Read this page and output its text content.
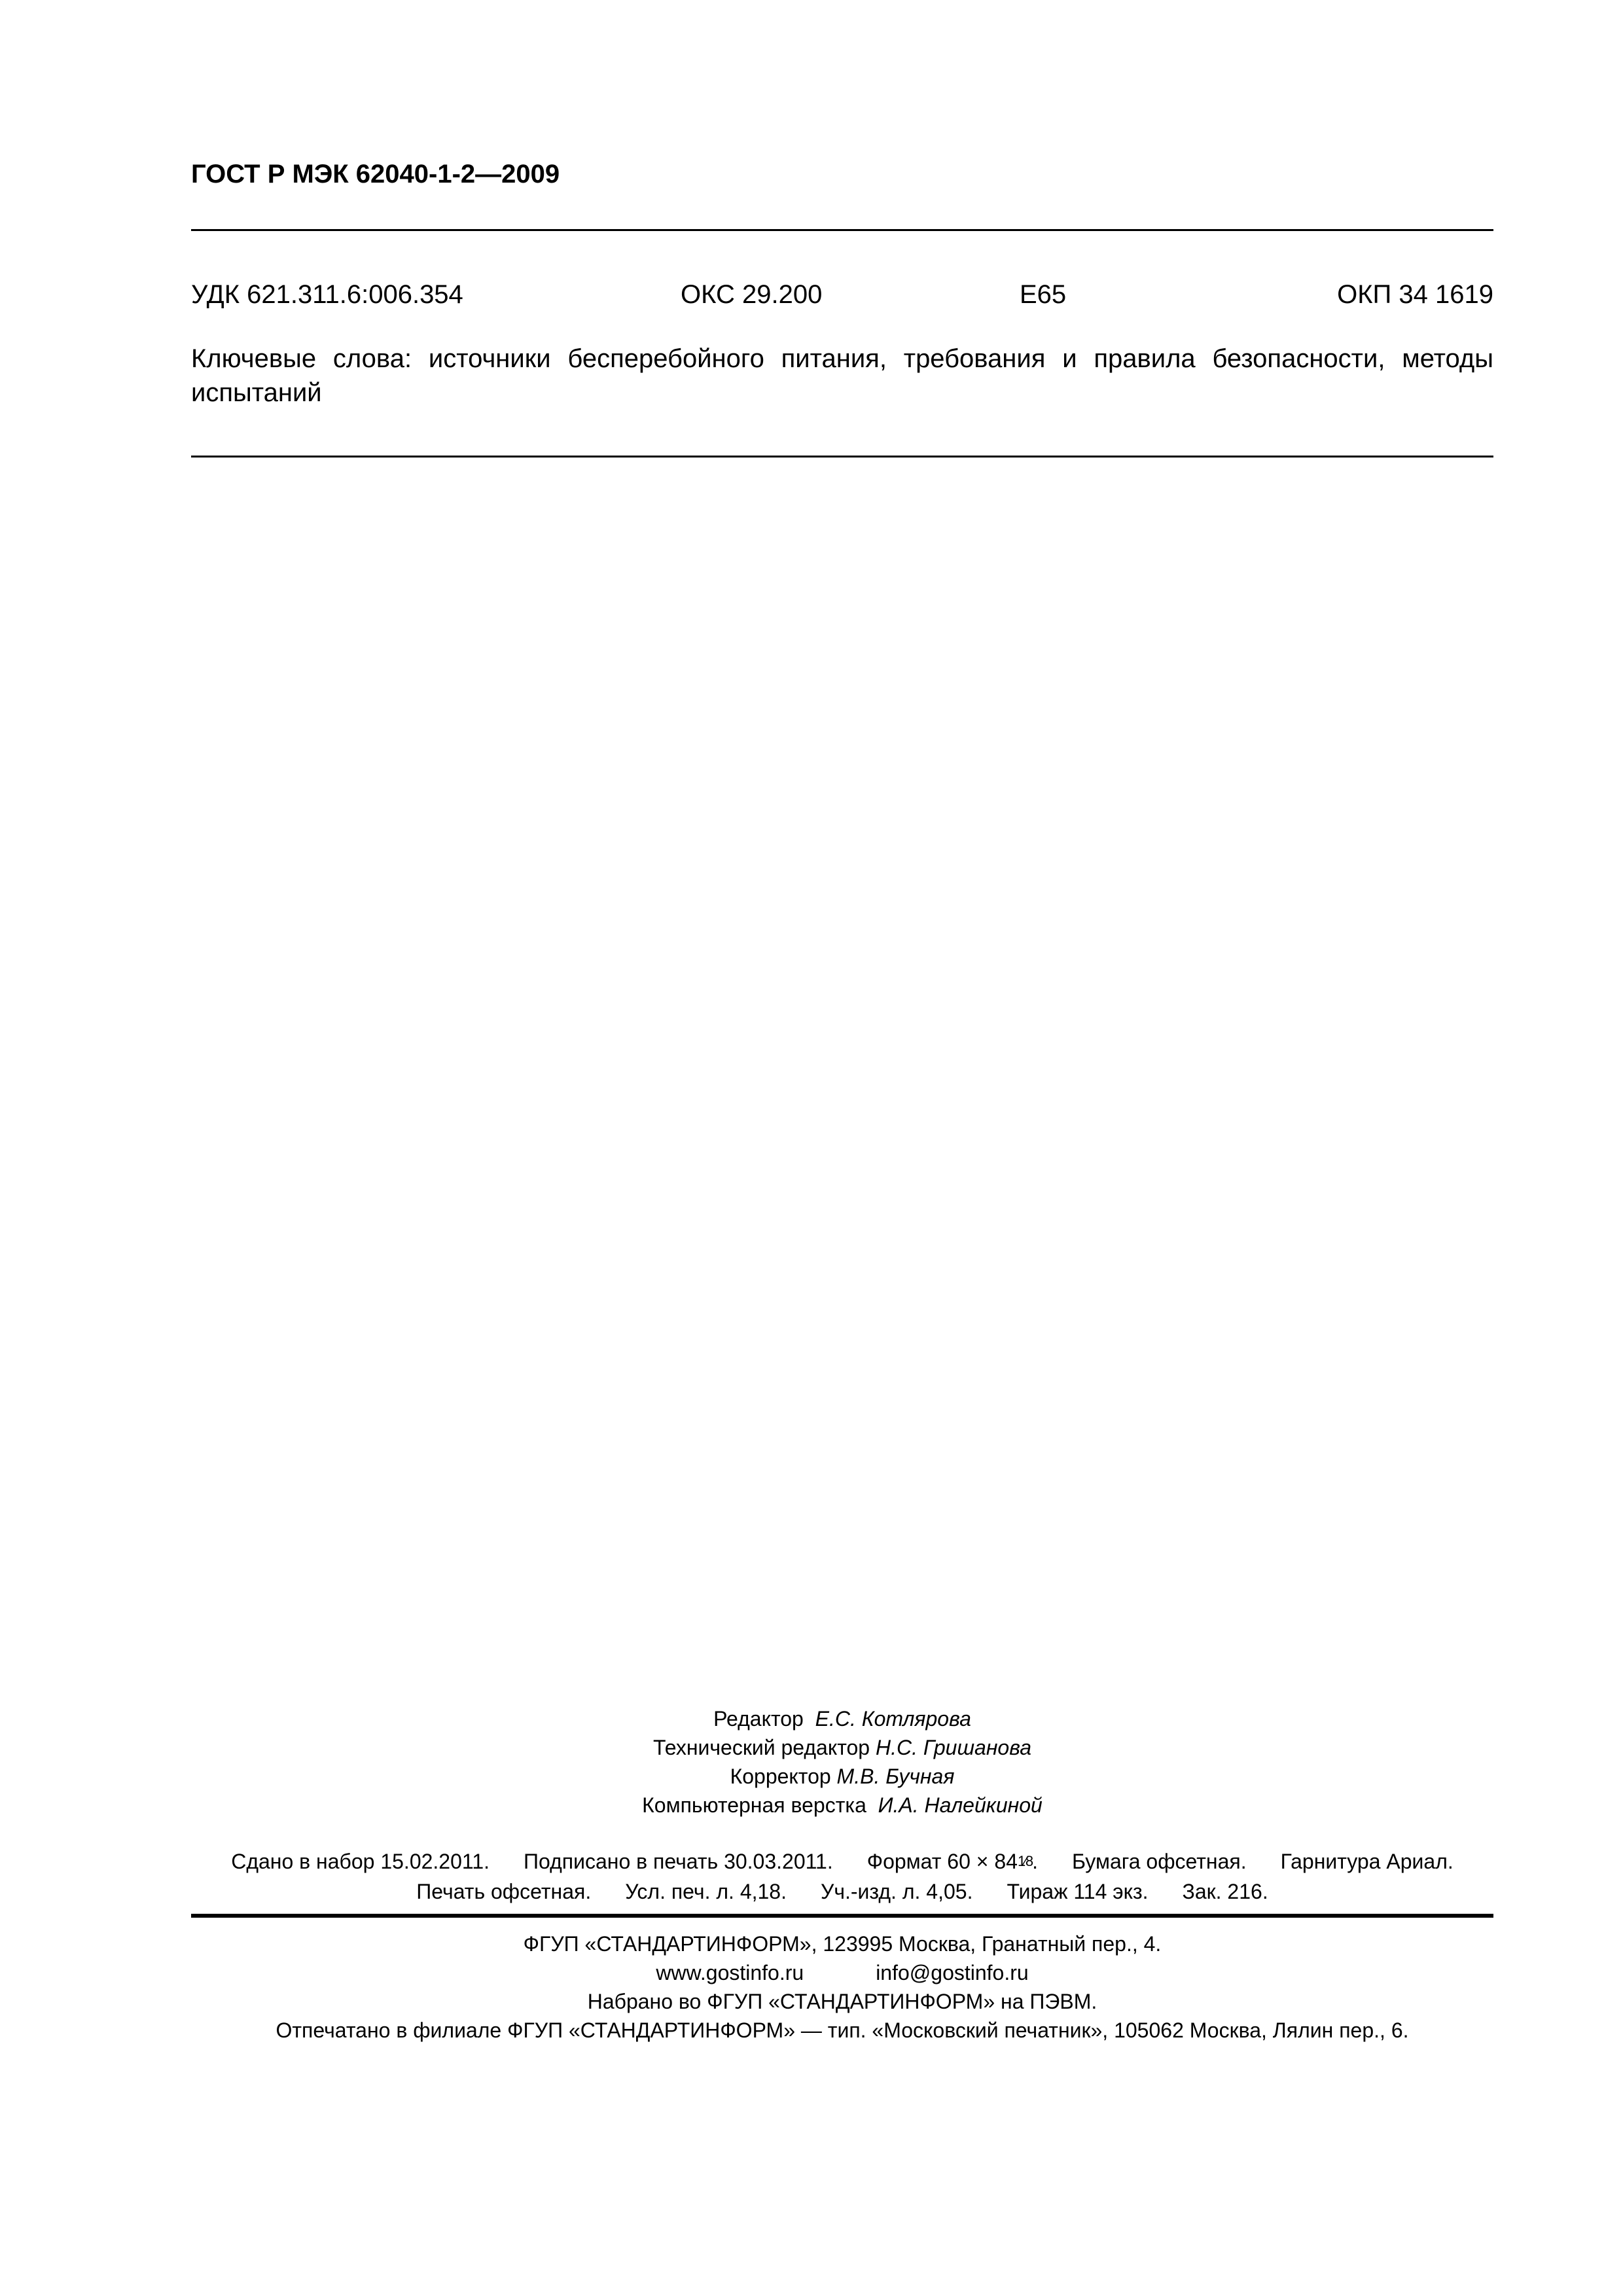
ГОСТ Р МЭК 62040-1-2—2009
УДК 621.311.6:006.354	ОКС 29.200	Е65	ОКП 34 1619
Ключевые слова: источники бесперебойного питания, требования и правила безопасности, методы испытаний
Редактор Е.С. Котлярова
Технический редактор Н.С. Гришанова
Корректор М.В. Бучная
Компьютерная верстка И.А. Налейкиной
Сдано в набор 15.02.2011. Подписано в печать 30.03.2011. Формат 60 × 841⁄8. Бумага офсетная. Гарнитура Ариал.
Печать офсетная. Усл. печ. л. 4,18. Уч.-изд. л. 4,05. Тираж 114 экз. Зак. 216.
ФГУП «СТАНДАРТИНФОРМ», 123995 Москва, Гранатный пер., 4.
www.gostinfo.ru	info@gostinfo.ru
Набрано во ФГУП «СТАНДАРТИНФОРМ» на ПЭВМ.
Отпечатано в филиале ФГУП «СТАНДАРТИНФОРМ» — тип. «Московский печатник», 105062 Москва, Лялин пер., 6.
